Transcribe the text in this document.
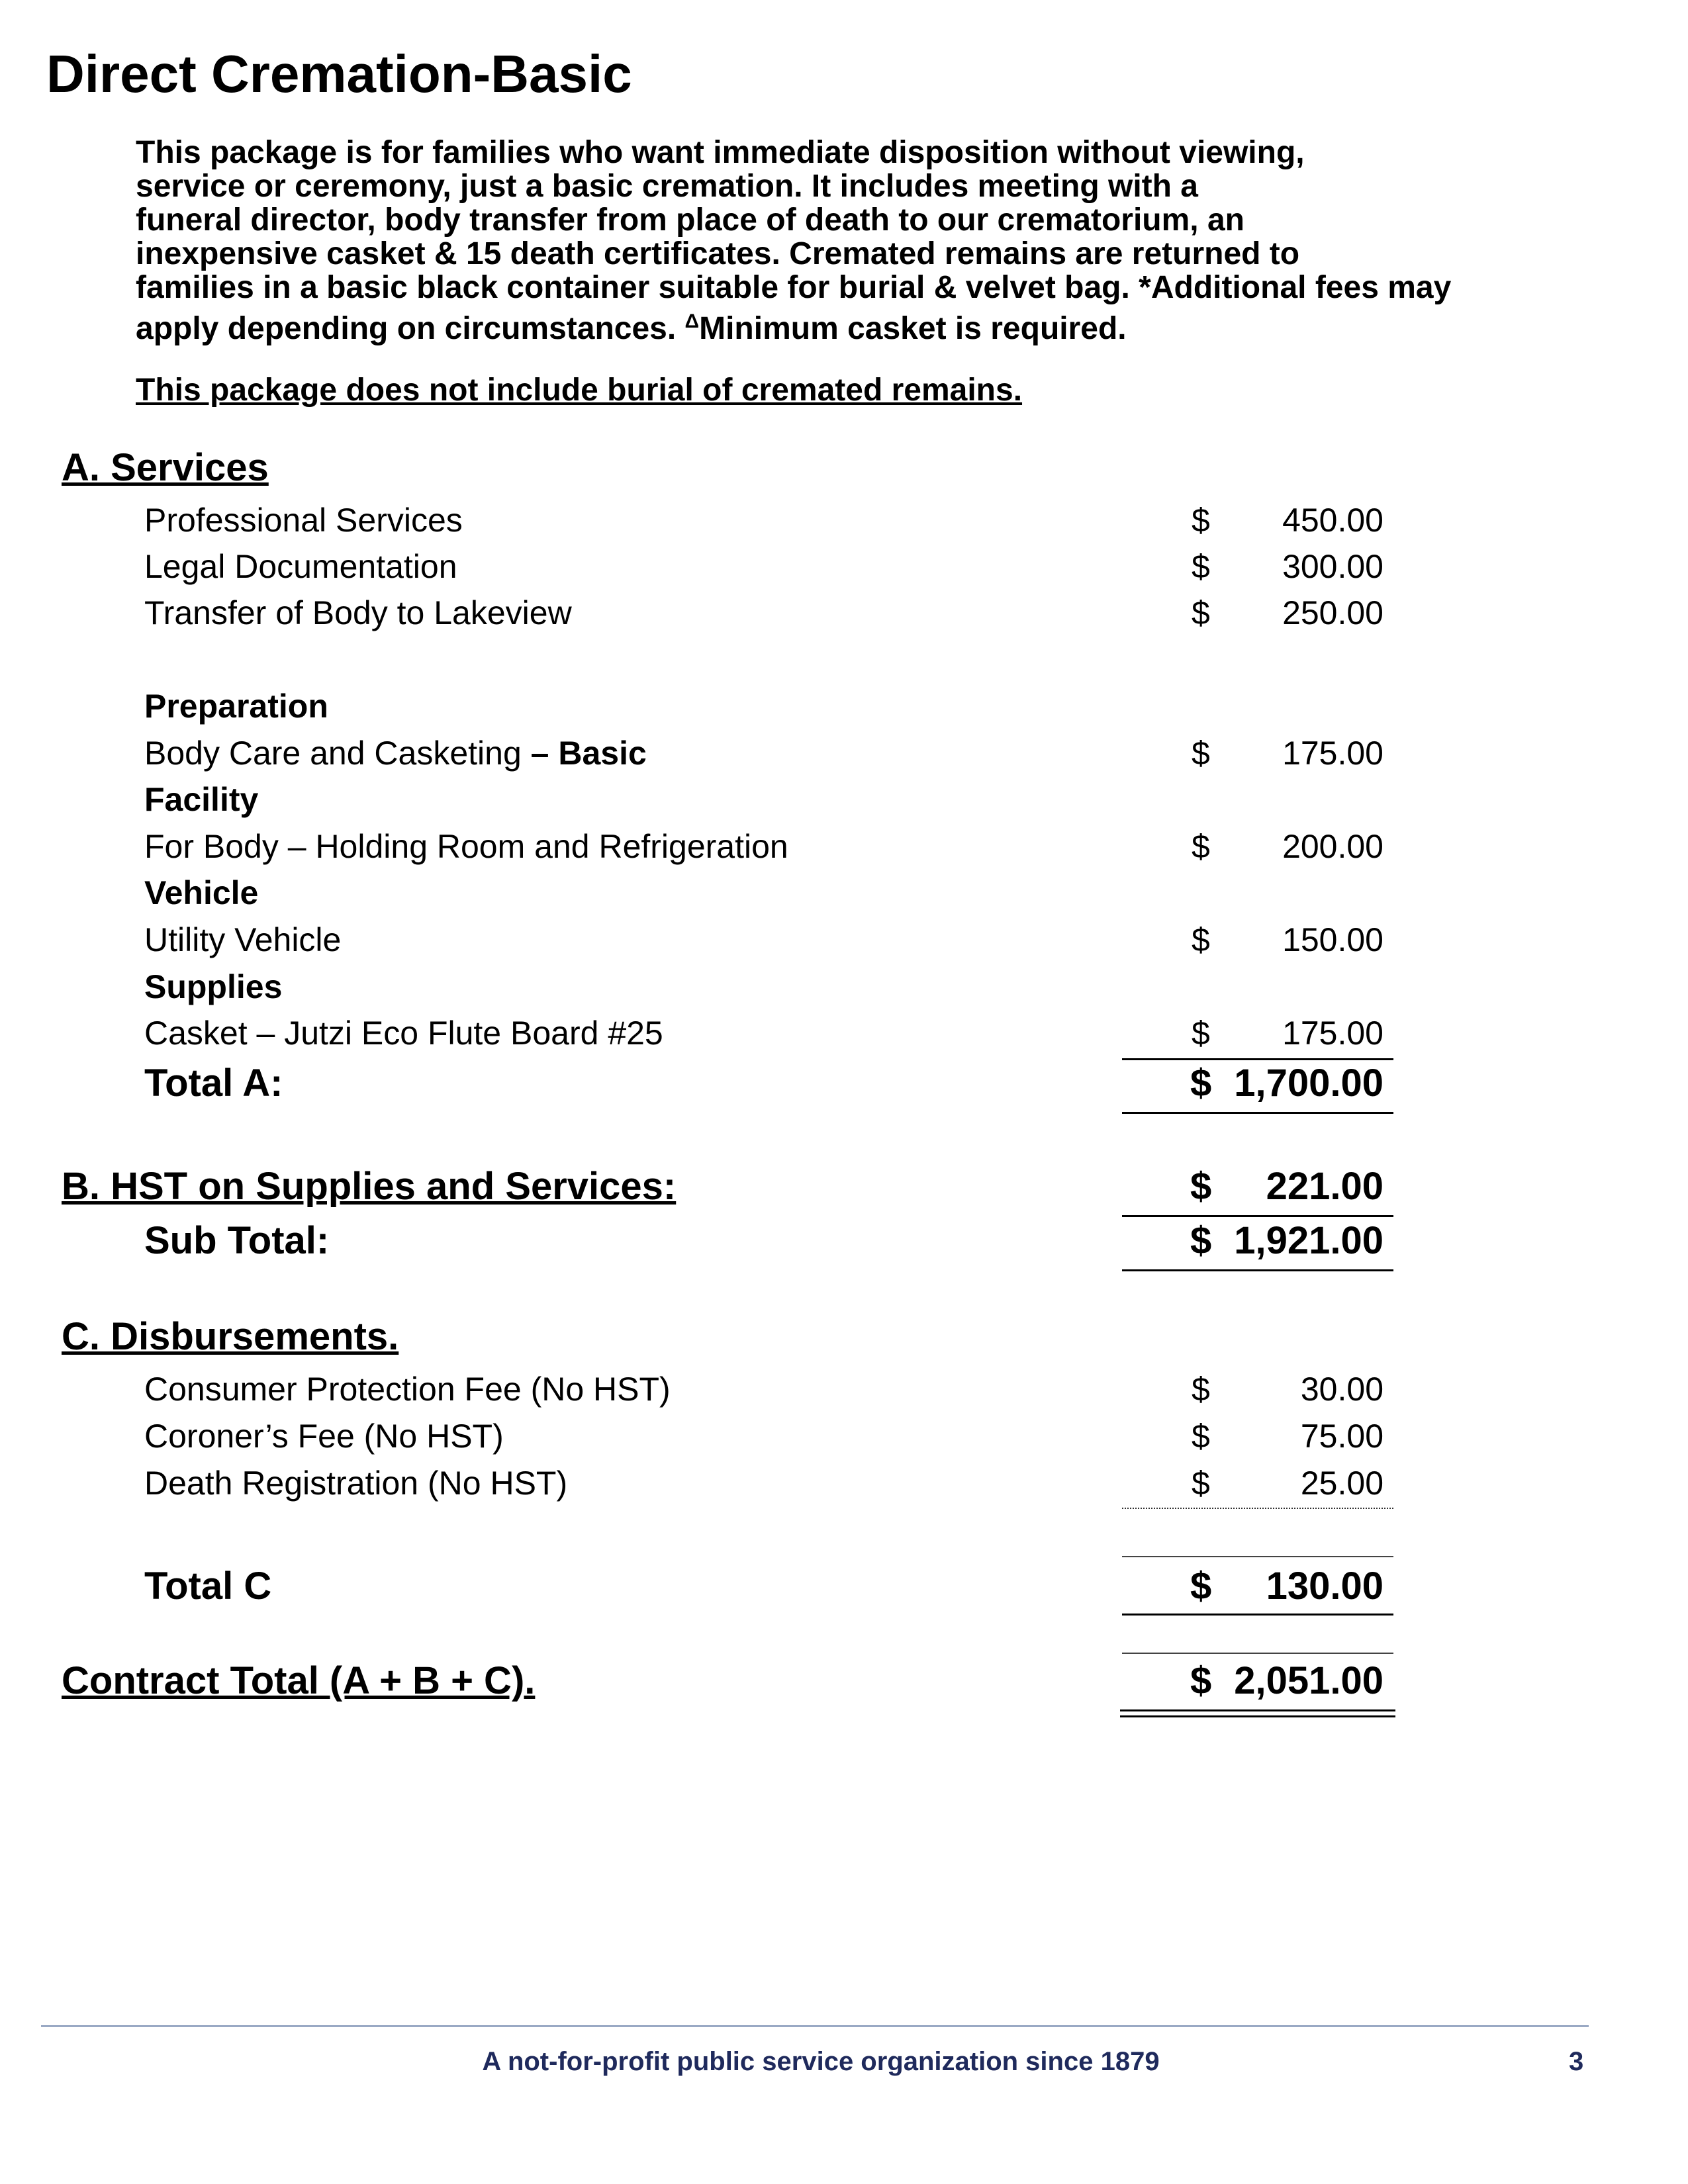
Direct Cremation-Basic

This package is for families who want immediate disposition without viewing,

service or ceremony, just a basic cremation. It includes meeting with a

funeral director, body transfer from place of death to our crematorium, an

inexpensive casket & 15 death certificates. Cremated remains are returned to

families in a basic black container suitable for burial & velvet bag. *Additional fees may

apply depending on circumstances. $^\Delta$Minimum casket is required.

This package does not include burial of cremated remains.
A. Services
Professional Services	$	450.00
Legal Documentation	$	300.00
Transfer of Body to Lakeview	$	250.00
Preparation
Body Care and Casketing – Basic	$	175.00
Facility
For Body – Holding Room and Refrigeration	$	200.00
Vehicle
Utility Vehicle	$	150.00
Supplies
Casket – Jutzi Eco Flute Board #25	$	175.00
Total A:	$ 1,700.00
B. HST on Supplies and Services:	$ 221.00
Sub Total:	$ 1,921.00
C. Disbursements.
Consumer Protection Fee (No HST)	$	30.00
Coroner’s Fee (No HST)	$	75.00
Death Registration (No HST)	$	25.00
Total C	$ 130.00
Contract Total (A + B + C).	$ 2,051.00
A not-for-profit public service organization since 1879	3
